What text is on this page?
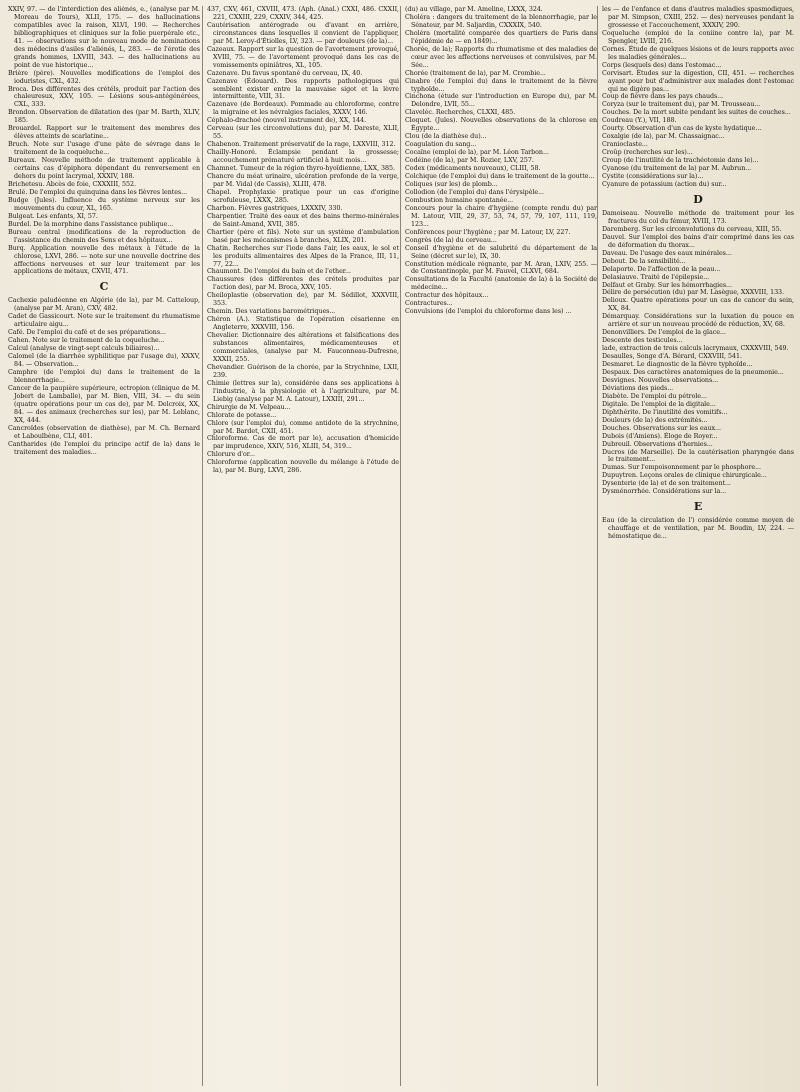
XXIV, 97. — de l'interdiction des aliénés, e., (analyse par M. Moreau de Tours), XLII, 175. — des hallucinations compatibles avec la raison, XLVI, 190. — Recherches bibliographiques et cliniques sur la folie puerpérale etc., 41. — observations sur le nouveau mode de nominations des médecins d'asiles d'aliénés, L, 283. — de l'érotie des grands hommes, LXVIII, 343. — des hallucinations au point de vue historique...

Brière (père). Nouvelles modifications de l'emploi des ioduristes, CXL, 432.

Broca. Des différentes des crétéls, produit par l'action des chaleuresux, XXV, 105. — Lésions sous-antégénérées, CXL, 333.

Brondon. Observation de dilatation des (par M. Barth, XLIV, 185.

Brouardel. Rapport sur le traitement des membres des élèves atteints de scarlatine...

Bruch. Note sur l'usage d'une pâte de sévrage dans le traitement de la coqueluche...

Bureaux. Nouvelle méthode de traitement applicable à certains cas d'épiphora dépendant du renversement en dehors du point lacrymal, XXXIV, 188.

Brichetesu. Abcès de foie, CXXXIII, 552.

Brulé. De l'emploi du quinquina dans les fièvres lentes...

Budge (Jules). Influence du système nerveux sur les mouvements du cœur, XL, 165.

Bulgeat. Les enfants, XI, 57.

Burdel. De la morphine dans l'assistance publique...

Bureau central (modifications de la reproduction de l'assistance du chemin des Sens et des hôpitaux...

Burq. Application nouvelle des métaux à l'étude de la chlorose, LXVI, 286. — note sur une nouvelle doctrine des affections nerveuses et sur leur traitement par les applications de métaux, CXVII, 471.

C

Cachexie paludéenne en Algérie (de la), par M. Catteloup, (analyse par M. Aran), CXV, 482.

Cadet de Gassicourt. Note sur le traitement du rhumatisme articulaire aigu...

Café. De l'emploi du café et de ses préparations...

Cahen. Note sur le traitement de la coqueluche...

Calcul (analyse de vingt-sept calculs biliaires)...

Calomel (de la diarrhée syphilitique par l'usage du), XXXV, 84. — Observation...

Camphre (de l'emploi du) dans le traitement de la blennorrhagie...

Cancer de la paupière supérieure, ectropion (clinique de M. Jobert de Lamballe), par M. Bien, VIII, 34. — du sein (quatre opérations pour un cas de), par M. Delcroix, XX, 84. — des animaux (recherches sur les), par M. Leblanc, XX, 444.

Cancroïdes (observation de diathèse), par M. Ch. Bernard et Laboulbène, CLI, 401.

Cantharides (de l'emploi du principe actif de la) dans le traitement des maladies...

437, CXV, 461, CXVIII, 473. (Aph. (Anal.) CXXI, 486. CXXII, 221, CXXIII, 229, CXXIV, 344, 425.

Cautérisation antérograde ou d'avant en arrière, circonstances dans lesquelles il convient de l'appliquer, par M. Leroy-d'Étiolles, LV, 323. — par douleurs (de la)...

Cazeaux. Rapport sur la question de l'avortement provoqué, XVIII, 75. — de l'avortement provoqué dans les cas de vomissements opiniâtres, XL, 105.

Cazenave. Du favus spontané du cerveau, IX, 40.

Cazenave (Édouard). Des rapports pathologiques qui semblent exister entre la mauvaise sigot et la lèvre intermittente, VIII, 31.

Cazenave (de Bordeaux). Pommade au chloroforme, contre la migraine et les névralgies faciales, XXXV, 146.

Céphalo-drachoé (nouvel instrument de), XX, 144.

Cerveau (sur les circonvolutions du), par M. Dareste, XLII, 55.

Chabenon. Traitement préservatif de la rage, LXXVIII, 312.

Chailly-Honoré. Éclampsie pendant la grossesse; accouchement prématuré artificiel à huit mois...

Chamnet. Tumeur de la région thyro-hyoïdienne, LXX, 385.

Chancre du méat urinaire, ulcération profonde de la verge, par M. Vidal (de Cassis), XLIII, 478.

Chapel. Prophylaxie pratique pour un cas d'origine scrofuleuse, LXXX, 285.

Charbon. Fièvres gastriques, LXXXIV, 330.

Charpentier. Traité des eaux et des bains thermo-minérales de Saint-Amand, XVII, 385.

Chartier (père et fils). Note sur un système d'ambulation basé par les mécanismes à branches, XLIX, 201.

Chatin. Recherches sur l'iode dans l'air, les eaux, le sol et les produits alimentaires des Alpes de la France, III, 11, 77, 22...

Chaumont. De l'emploi du bain et de l'ether...

Chaussures (des différentes des crétels produites par l'action des), par M. Broca, XXV, 105.

Cheiloplastie (observation de), par M. Sédillot, XXXVIII, 353.

Chemin. Des variations barométriques...

Chéron (A.). Statistique de l'opération césarienne en Angleterre, XXXVIII, 156.

Chevalier. Dictionnaire des altérations et falsifications des substances alimentaires, médicamenteuses et commerciales, (analyse par M. Fauconneau-Dufresne, XXXII, 255.

Chevandier. Guérison de la chorée, par la Strychnine, LXII, 239.

Chimie (lettres sur la), considérée dans ses applications à l'industrie, à la physiologie et à l'agriculture, par M. Liebig (analyse par M. A. Latour), LXXIII, 291...

Chirurgie de M. Velpeau...

Chlorate de potasse...

Chlore (sur l'emploi du), comme antidote de la strychnine, par M. Bardet, CXII, 451.

Chloroforme. Cas de mort par le), accusation d'homicide par imprudence, XXIV, 516, XLIII, 54, 319...

Chlorure d'or...

Chloroforme (application nouvelle du mélange à l'étude de la), par M. Burg, LXVI, 286.

(du) au village, par M. Ameline, LXXX, 324.

Choléra : dangers du traitement de la blennorrhagie, par le Sénateur, par M. Saljardin, CXXXIX, 540.

Choléra (mortalité comparée des quartiers de Paris dans l'épidémie de — en 1849)...

Chorée, de la); Rapports du rhumatisme et des maladies de cœur avec les affections nerveuses et convulsives, par M. Sée...

Chorée (traitement de la), par M. Crombie...

Cinabre (de l'emploi du) dans le traitement de la fièvre typhoïde...

Cinchona (étude sur l'introduction en Europe du), par M. Delondre, LVII, 55...

Claveléc. Recherches, CLXXI, 485.

Cloquet. (Jules). Nouvelles observations de la chlorose en Égypte...

Clou (de la diathèse du)...

Coagulation du sang...

Cocaïne (emploi de la), par M. Léon Tarbon...

Codéine (de la), par M. Rozier, LXV, 257.

Codex (médicaments nouveaux), CLIII, 58.

Colchique (de l'emploi du) dans le traitement de la goutte...

Coliques (sur les) de plomb...

Collodion (de l'emploi du) dans l'érysipèle...

Combustion humaine spontanée...

Concours pour la chaire d'hygiène (compte rendu du) par M. Latour, VIII, 29, 37, 53, 74, 57, 79, 107, 111, 119, 123...

Conférences pour l'hygiène ; par M. Latour, LV, 227.

Congrès (de la) du cerveau...

Conseil d'hygiène et de salubrité du département de la Seine (décret sur le), IX, 30.

Constitution médicale régnante, par M. Aran, LXIV, 255. — de Constantinople, par M. Fauvel, CLXVI, 684.

Consultations de la Faculté (anatomie de la) à la Société de médecine...

Contractur des hôpitaux...

Contractures...

Convulsions (de l'emploi du chloroforme dans les) ...

les — de l'enfance et dans d'autres maladies spasmodiques, par M. Simpson, CXIII, 252. — des) nerveuses pendant la grossesse et l'accouchement, XXXIV, 290.

Coqueluche (emploi de la coniine contre la), par M. Spengler, LVIII, 216.

Cornes. Étude de quelques lésions et de leurs rapports avec les maladies générales...

Corps (lesquels des) dans l'estomac...

Corvisart. Études sur la digestion, CII, 451. — recherches ayant pour but d'administrer aux malades dont l'estomac qui ne digère pas...

Coup de fièvre dans les pays chauds...

Coryza (sur le traitement du), par M. Trousseau...

Couches. De la mort subite pendant les suites de couches...

Coudreau (Y.), VII, 188.

Courty. Observation d'un cas de kyste hydatique...

Coxalgie (de la), par M. Chassaignac...

Cranioclaste...

Croûp (recherches sur les)...

Croup (de l'inutilité de la trachéotomie dans le)...

Cyanose (du traitement de la) par M. Aubrun...

Cystite (considérations sur la)...

Cyanure de potassium (action du) sur...

D

Damoiseau. Nouvelle méthode de traitement pour les fractures du col du fémur, XVIII, 173.

Daremberg. Sur les circonvolutions du cerveau, XIII, 55.

Dauvel. Sur l'emploi des bains d'air comprimé dans les cas de déformation du thorax...

Daveau. De l'usage des eaux minérales...

Debout. De la sensibilité...

Delaporte. De l'affection de la peau...

Delasiauve. Traité de l'épilepsie...

Delfaut et Graby. Sur les hémorrhagies...

Délire de persécution (du) par M. Lasègue, XXXVIII, 133.

Delioux. Quatre opérations pour un cas de cancer du sein, XX, 84.

Démarquay. Considérations sur la luxation du pouce en arrière et sur un nouveau procédé de réduction, XV, 68.

Denonvilliers. De l'emploi de la glace...

Descente des testicules...

lade, extraction de trois calculs lacrymaux, CXXXVIII, 549.

Desaulles, Songe d'A. Bérard, CXXVIII, 541.

Desmaret. Le diagnostic de la fièvre typhoïde...

Despaux. Des caractères anatomiques de la pneumonie...

Desvignes. Nouvelles observations...

Déviations des pieds...

Diabète. De l'emploi du pétrole...

Digitale. De l'emploi de la digitale...

Diphthérite. De l'inutilité des vomitifs...

Douleurs (de la) des extrémités...

Douches. Observations sur les eaux...

Dubois (d'Amiens). Éloge de Royer...

Dubreuil. Observations d'hernies...

Ducros (de Marseille). De la cautérisation pharyngée dans le traitement...

Dumas. Sur l'empoisonnement par le phosphore...

Dupuytren. Leçons orales de clinique chirurgicale...

Dysenterie (de la) et de son traitement...

Dysménorrhée. Considérations sur la...

E

Eau (de la circulation de l') considérée comme moyen de chauffage et de ventilation, par M. Boudin, LV, 224. — hémostatique de...
